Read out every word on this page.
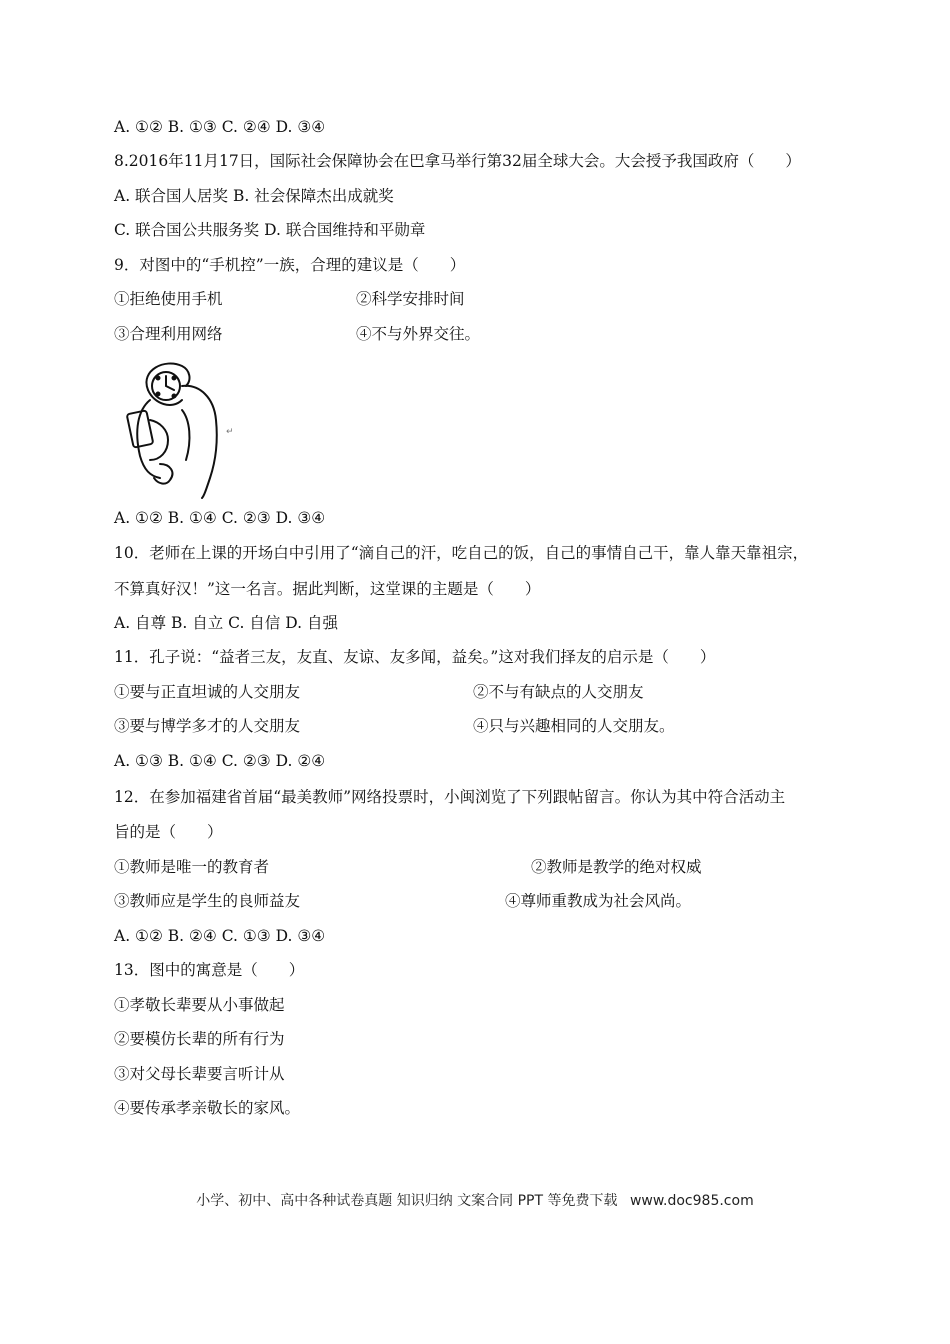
A. ①② B. ①③ C. ②④ D. ③④
8.2016年11月17日，国际社会保障协会在巴拿马举行第32届全球大会。大会授予我国政府（　　）
A. 联合国人居奖 B. 社会保障杰出成就奖
C. 联合国公共服务奖 D. 联合国维持和平勋章
9．对图中的“手机控”一族，合理的建议是（　　）
①拒绝使用手机	②科学安排时间
③合理利用网络	④不与外界交往。
↵
A. ①② B. ①④ C. ②③ D. ③④
10．老师在上课的开场白中引用了“滴自己的汗，吃自己的饭，自己的事情自己干，靠人靠天靠祖宗，
不算真好汉！”这一名言。据此判断，这堂课的主题是（　　）
A. 自尊 B. 自立 C. 自信 D. 自强
11．孔子说：“益者三友，友直、友谅、友多闻，益矣。”这对我们择友的启示是（　　）
①要与正直坦诚的人交朋友	②不与有缺点的人交朋友
③要与博学多才的人交朋友	④只与兴趣相同的人交朋友。
A. ①③ B. ①④ C. ②③ D. ②④
12．在参加福建省首届“最美教师”网络投票时，小闽浏览了下列跟帖留言。你认为其中符合活动主
旨的是（　　）
①教师是唯一的教育者	②教师是教学的绝对权威
③教师应是学生的良师益友	④尊师重教成为社会风尚。
A. ①② B. ②④ C. ①③ D. ③④
13．图中的寓意是（　　）
①孝敬长辈要从小事做起
②要模仿长辈的所有行为
③对父母长辈要言听计从
④要传承孝亲敬长的家风。
小学、初中、高中各种试卷真题 知识归纳 文案合同 PPT 等免费下载 www.doc985.com
